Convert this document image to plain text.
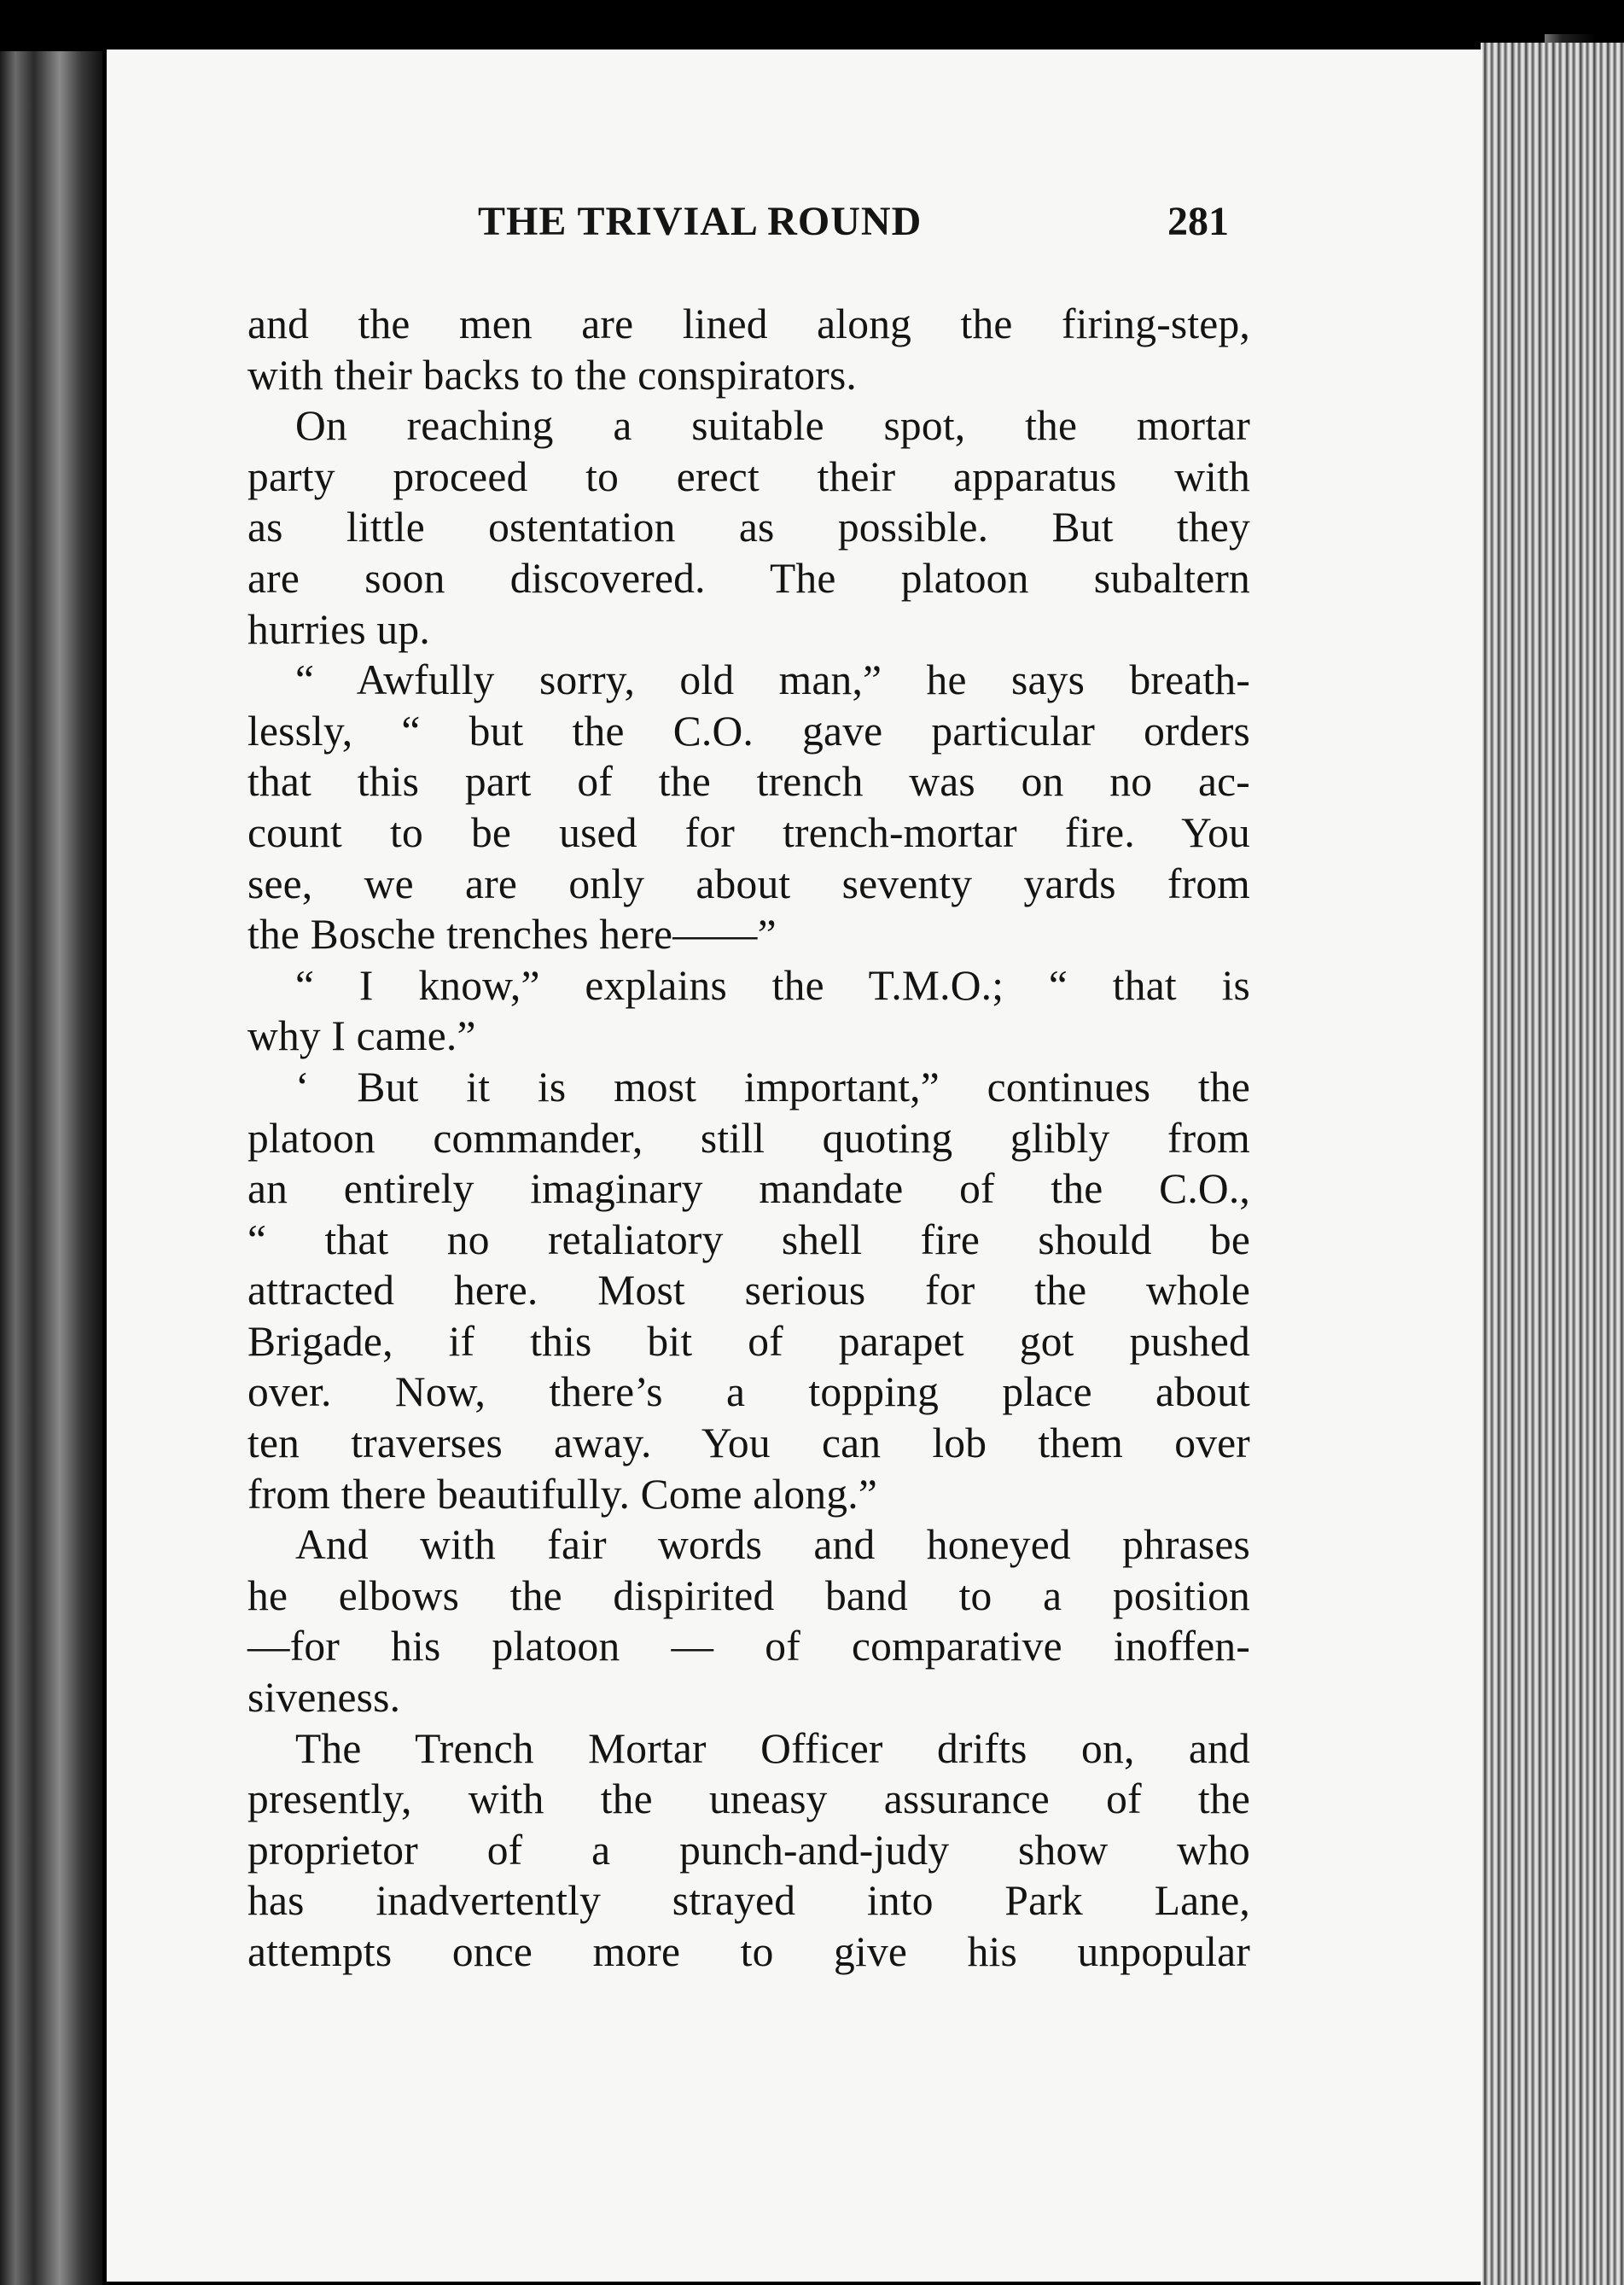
THE TRIVIAL ROUND	281
and the men are lined along the firing-step,
with their backs to the conspirators.
On reaching a suitable spot, the mortar
party proceed to erect their apparatus with
as little ostentation as possible. But they
are soon discovered. The platoon subaltern
hurries up.
“ Awfully sorry, old man,” he says breath-
lessly, “ but the C.O. gave particular orders
that this part of the trench was on no ac-
count to be used for trench-mortar fire. You
see, we are only about seventy yards from
the Bosche trenches here——”
“ I know,” explains the T.M.O.; “ that is
why I came.”
‘ But it is most important,” continues the
platoon commander, still quoting glibly from
an entirely imaginary mandate of the C.O.,
“ that no retaliatory shell fire should be
attracted here. Most serious for the whole
Brigade, if this bit of parapet got pushed
over. Now, there’s a topping place about
ten traverses away. You can lob them over
from there beautifully. Come along.”
And with fair words and honeyed phrases
he elbows the dispirited band to a position
—for his platoon — of comparative inoffen-
siveness.
The Trench Mortar Officer drifts on, and
presently, with the uneasy assurance of the
proprietor of a punch-and-judy show who
has inadvertently strayed into Park Lane,
attempts once more to give his unpopular
